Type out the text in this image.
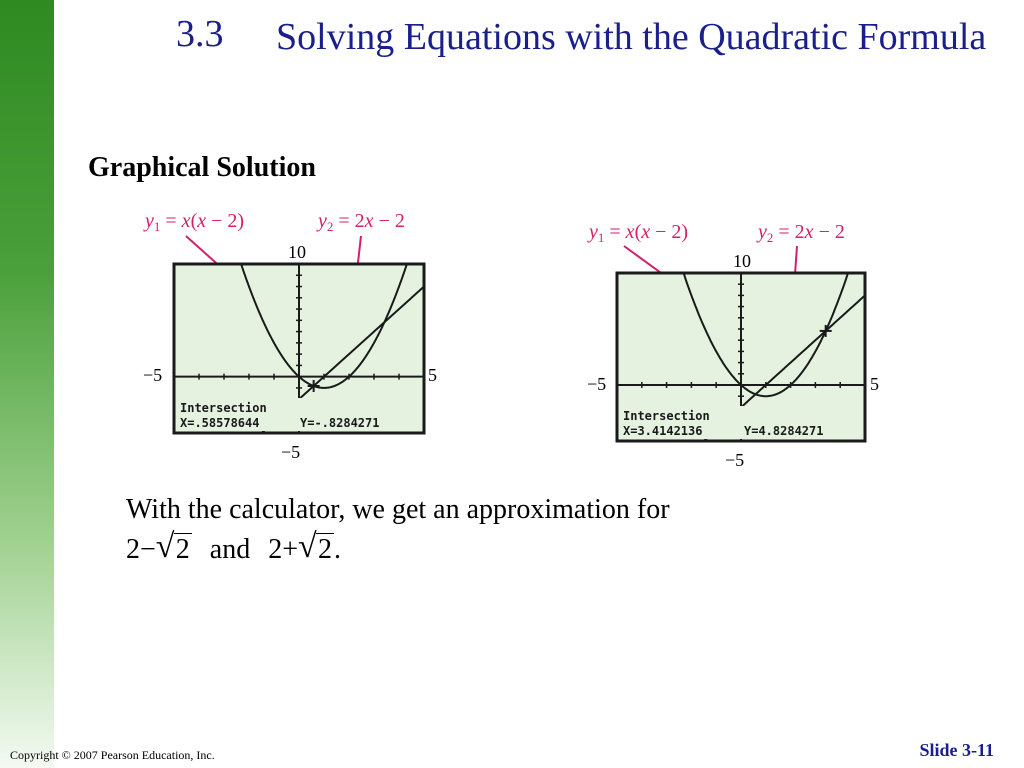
3.3 Solving Equations with the Quadratic Formula
Graphical Solution
$y_1 = x(x - 2)$	$y_2 = 2x - 2$
10
−5	5
−5
Intersection
X=.58578644	Y=-.8284271
$y_1 = x(x - 2)$	$y_2 = 2x - 2$
10
−5	5
−5
Intersection
X=3.4142136	Y=4.8284271
With the calculator, we get an approximation for
2− √ 2 and 2+ √ 2 .
Copyright © 2007 Pearson Education, Inc.	Slide 3-11
